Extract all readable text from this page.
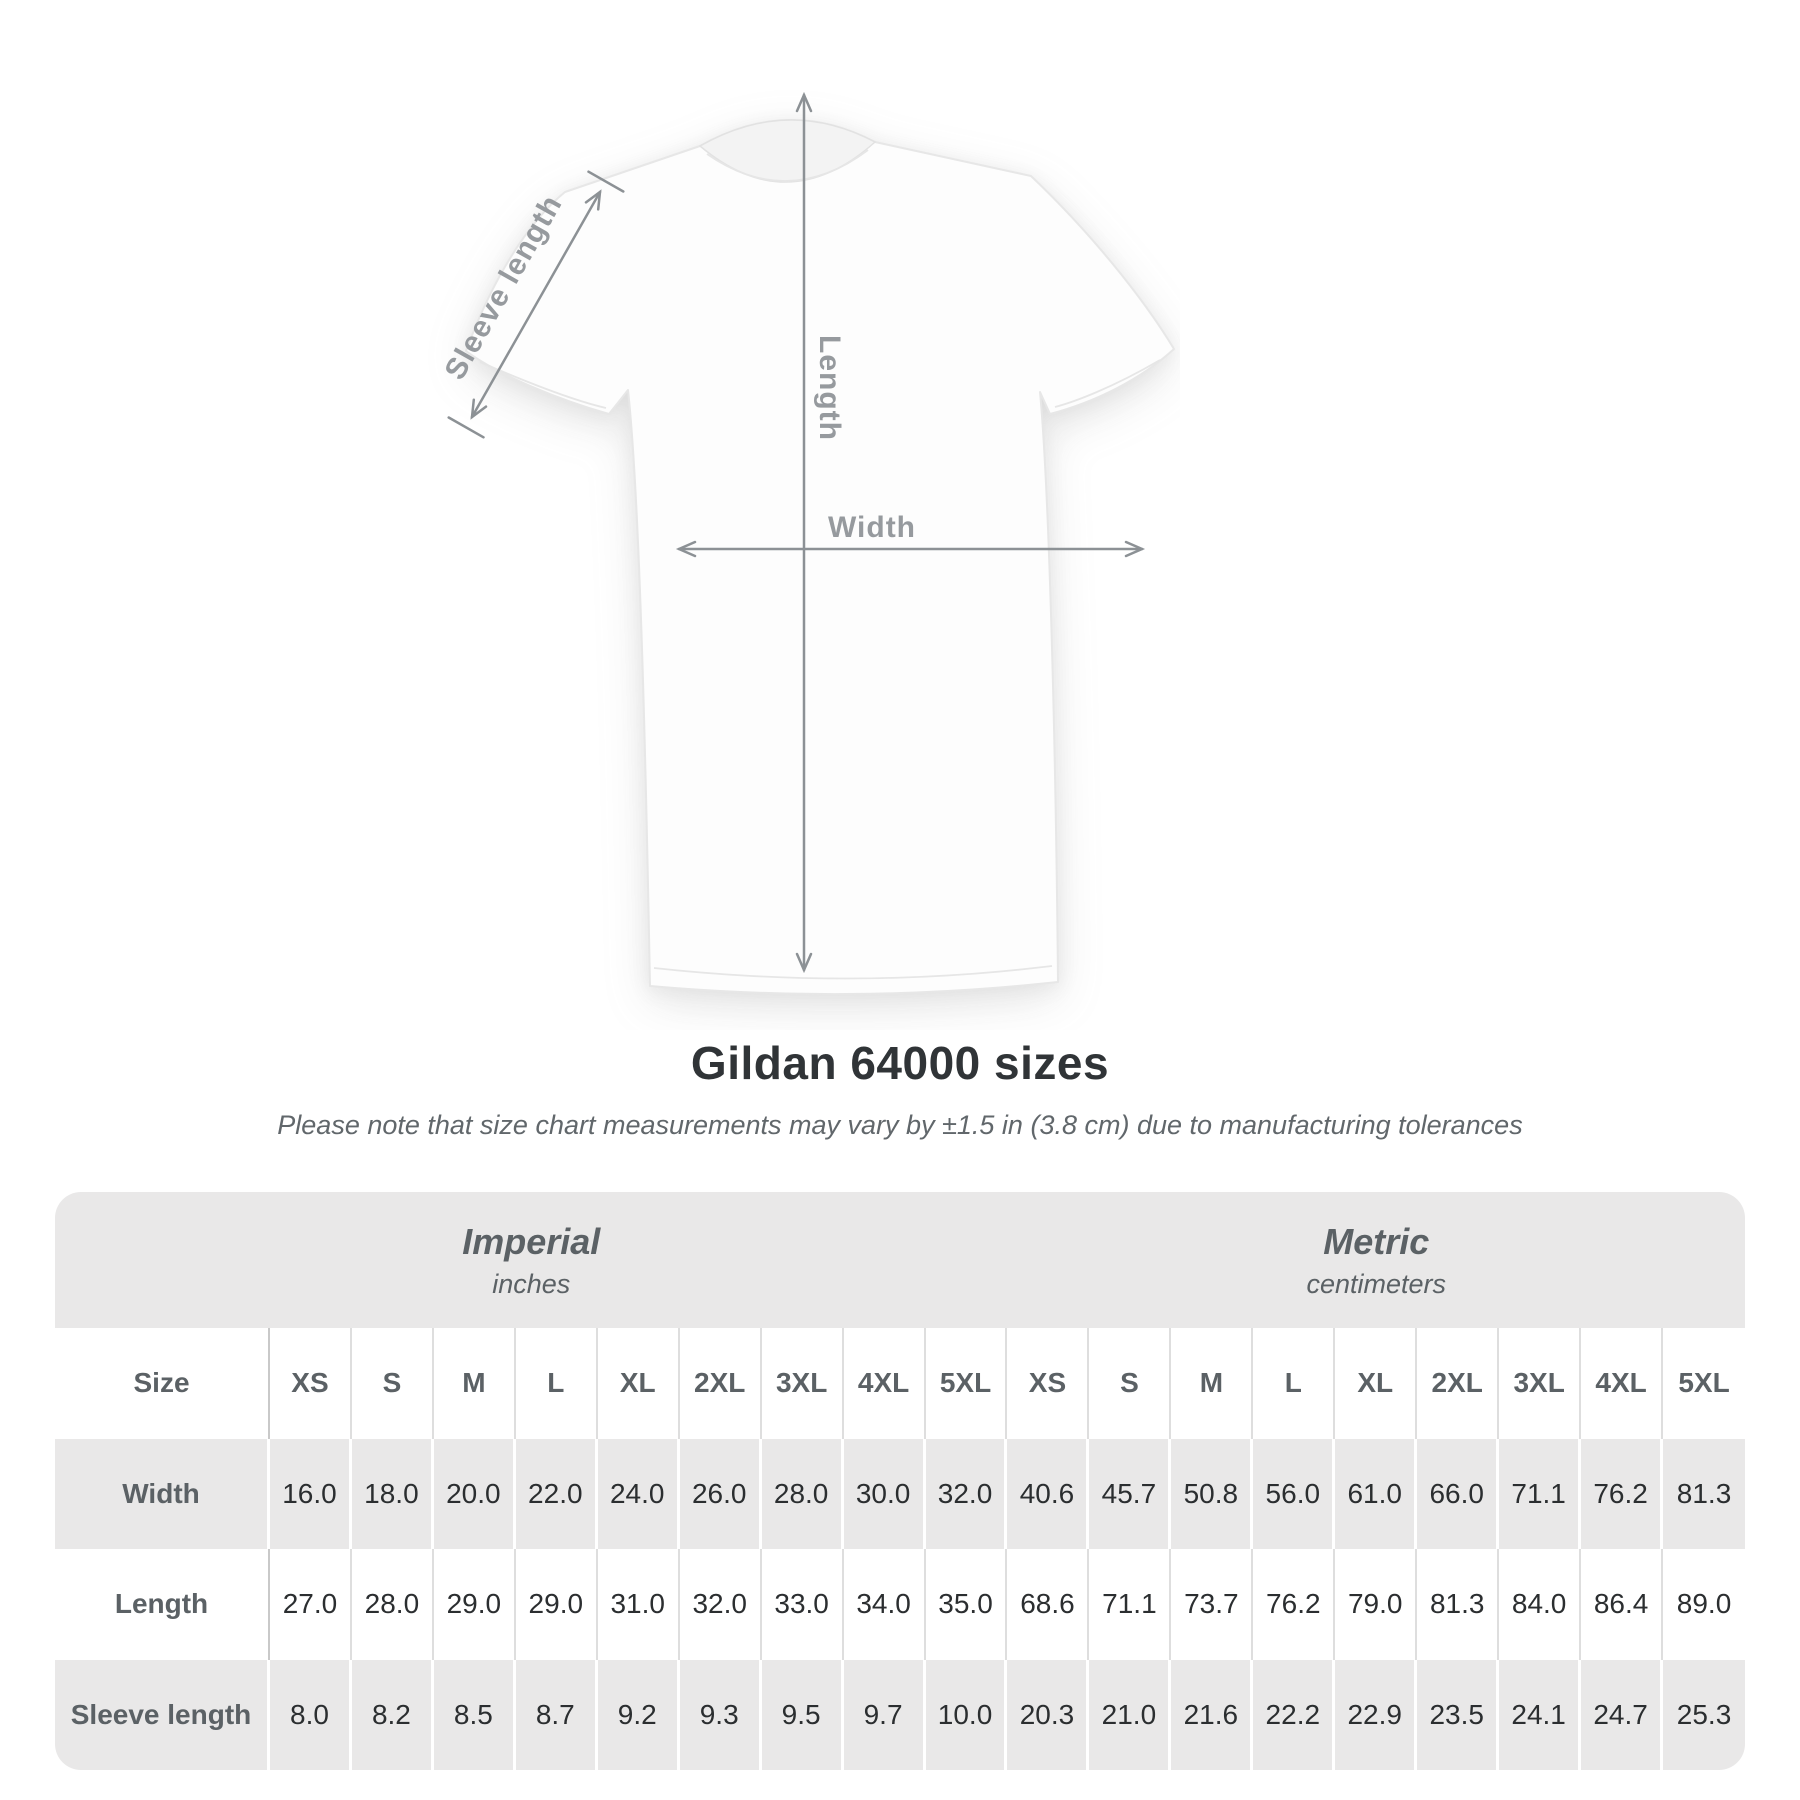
Sleeve length
Length
Width
Gildan 64000 sizes
Please note that size chart measurements may vary by ±1.5 in (3.8 cm) due to manufacturing tolerances
Imperial
inches
Metric
centimeters
Size	XS	S	M	L	XL	2XL	3XL	4XL	5XL	XS	S	M	L	XL	2XL	3XL	4XL	5XL
Width	16.0 18.0 20.0 22.0 24.0 26.0 28.0 30.0 32.0 40.6 45.7 50.8 56.0 61.0 66.0 71.1 76.2	81.3
Length	27.0 28.0 29.0 29.0 31.0 32.0 33.0 34.0 35.0 68.6 71.1 73.7 76.2 79.0 81.3 84.0 86.4	89.0
Sleeve length	8.0	8.2	8.5	8.7	9.2	9.3	9.5	9.7	10.0 20.3 21.0 21.6 22.2 22.9 23.5 24.1 24.7	25.3
